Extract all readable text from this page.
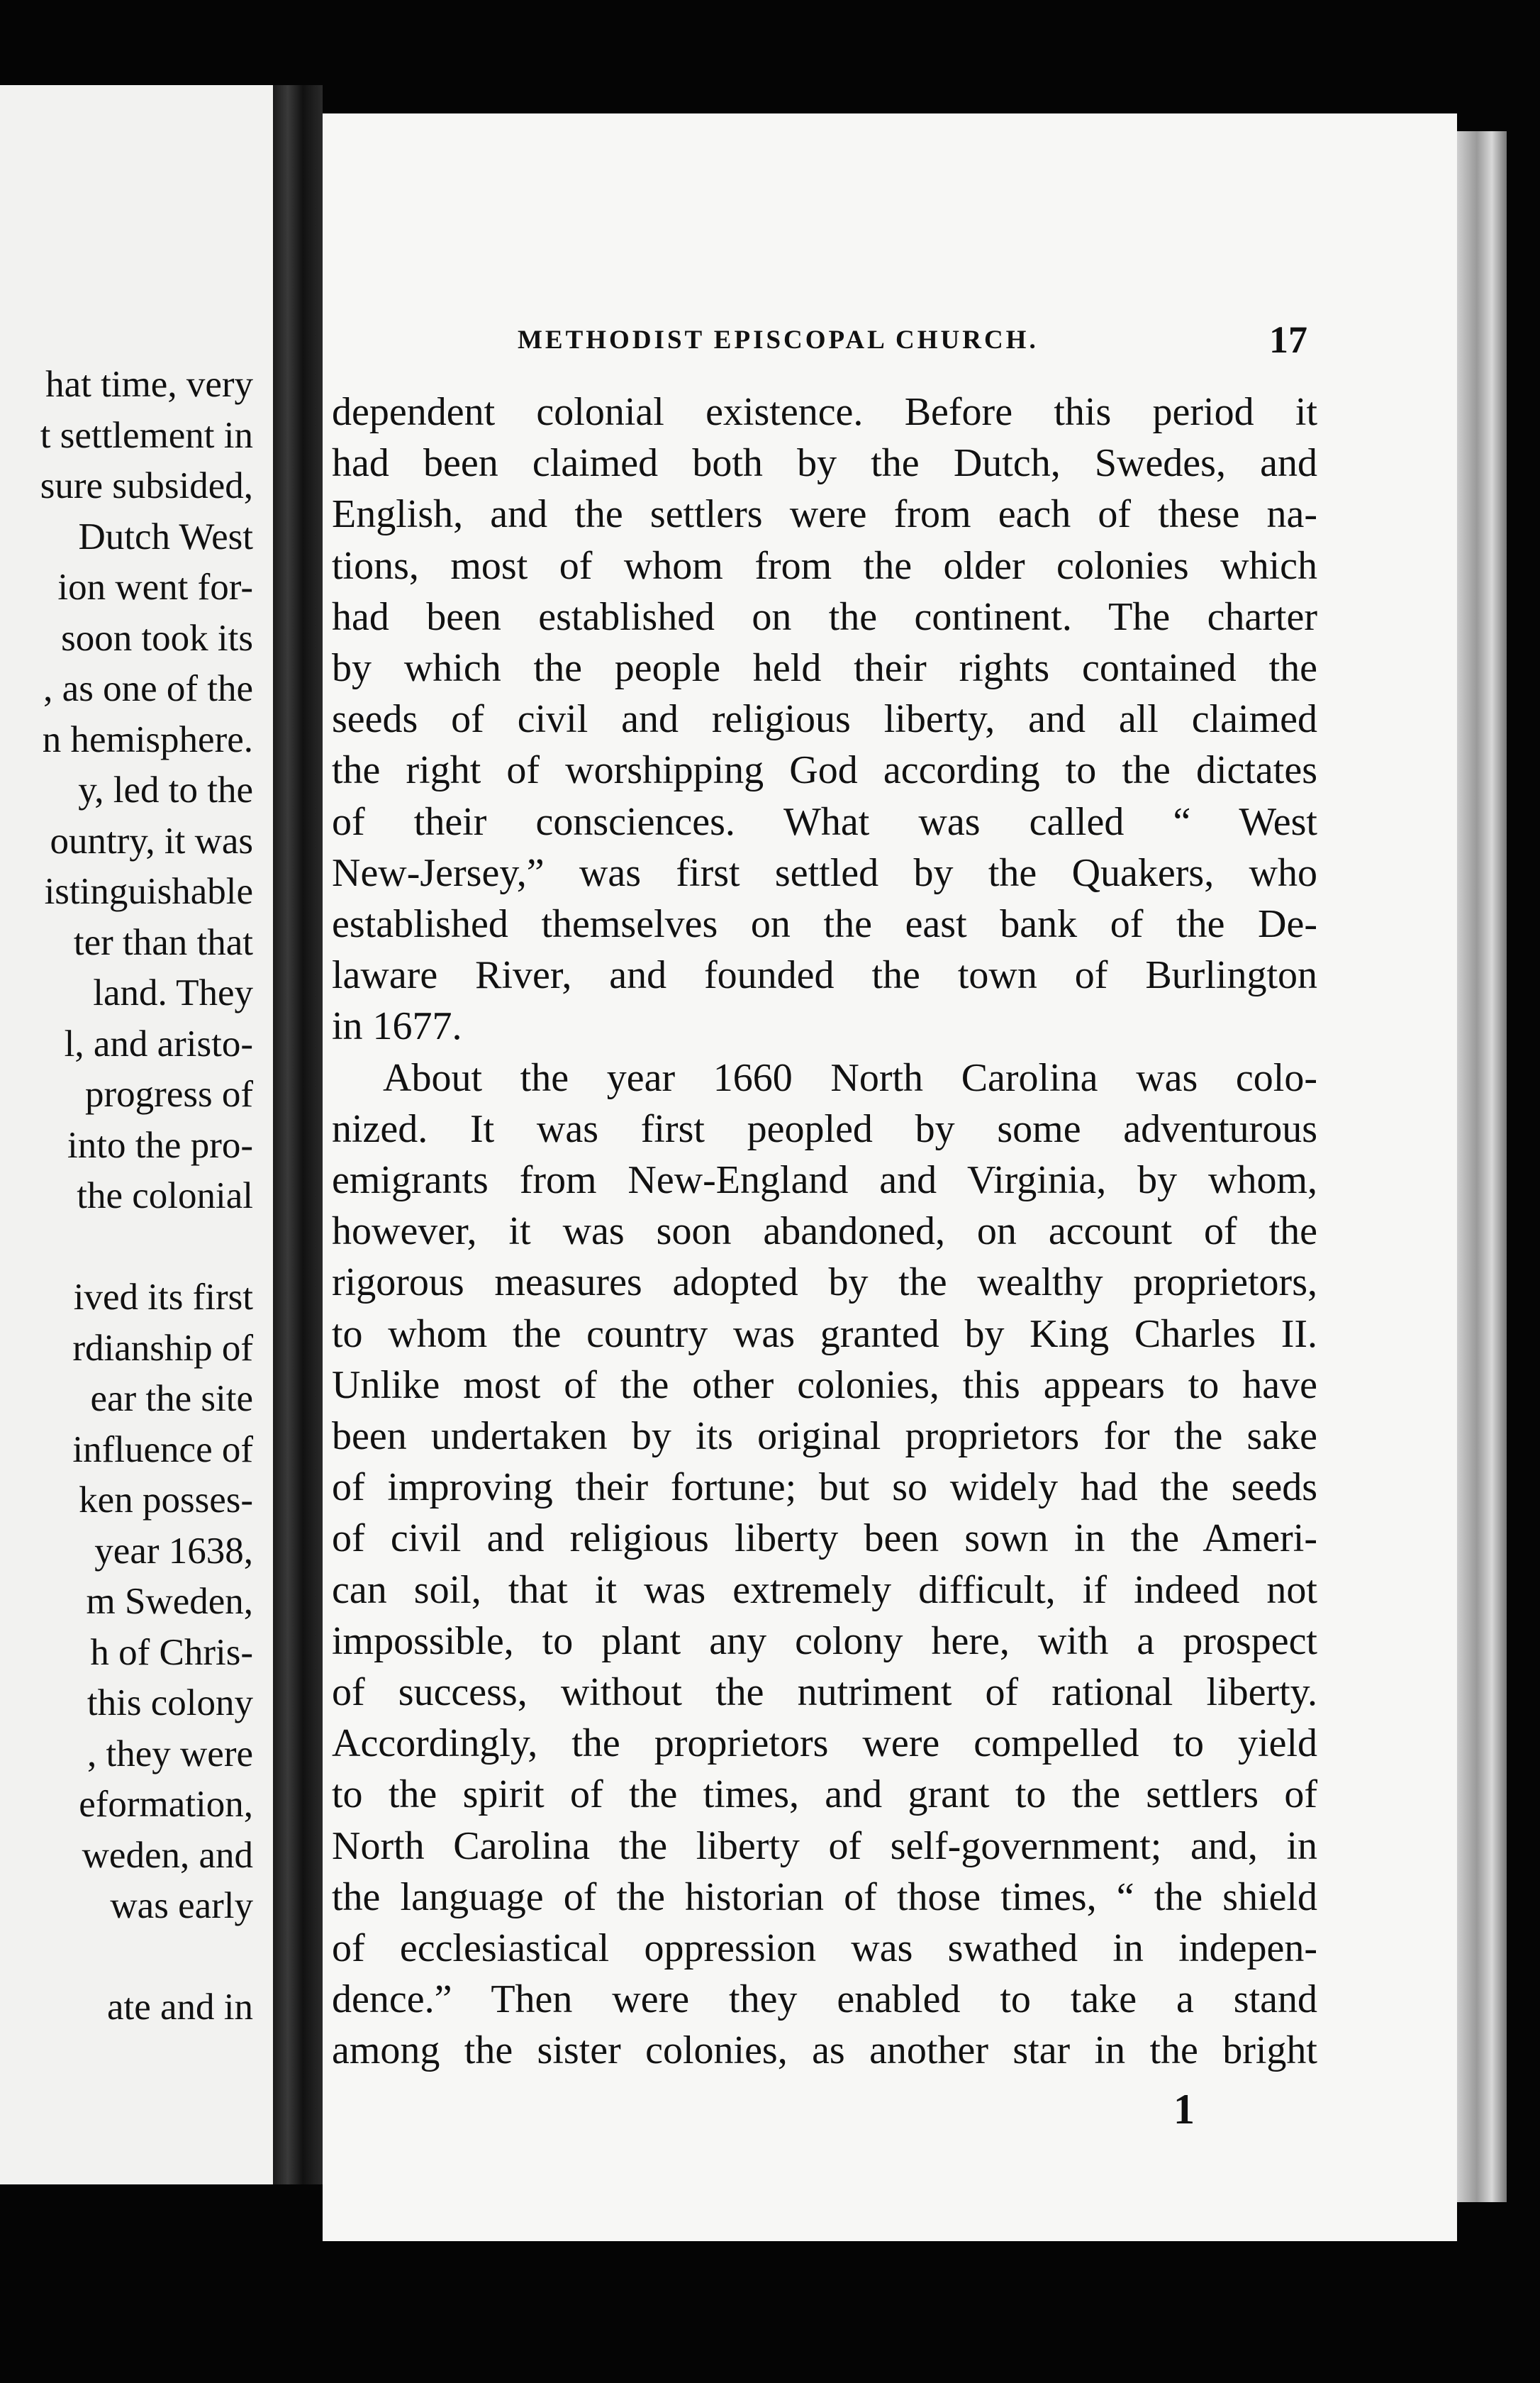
hat time, very
t settlement in
sure subsided,
Dutch West
ion went for-
soon took its
, as one of the
n hemisphere.
y, led to the
ountry, it was
istinguishable
ter than that
land. They
l, and aristo-
progress of
into the pro-
the colonial
ived its first
rdianship of
ear the site
influence of
ken posses-
year 1638,
m Sweden,
h of Chris-
this colony
, they were
eformation,
weden, and
was early
ate and in
METHODIST EPISCOPAL CHURCH.	17
dependent colonial existence. Before this period it
had been claimed both by the Dutch, Swedes, and
English, and the settlers were from each of these na-
tions, most of whom from the older colonies which
had been established on the continent. The charter
by which the people held their rights contained the
seeds of civil and religious liberty, and all claimed
the right of worshipping God according to the dictates
of their consciences. What was called “ West
New-Jersey,” was first settled by the Quakers, who
established themselves on the east bank of the De-
laware River, and founded the town of Burlington
in 1677.
About the year 1660 North Carolina was colo-
nized. It was first peopled by some adventurous
emigrants from New-England and Virginia, by whom,
however, it was soon abandoned, on account of the
rigorous measures adopted by the wealthy proprietors,
to whom the country was granted by King Charles II.
Unlike most of the other colonies, this appears to have
been undertaken by its original proprietors for the sake
of improving their fortune; but so widely had the seeds
of civil and religious liberty been sown in the Ameri-
can soil, that it was extremely difficult, if indeed not
impossible, to plant any colony here, with a prospect
of success, without the nutriment of rational liberty.
Accordingly, the proprietors were compelled to yield
to the spirit of the times, and grant to the settlers of
North Carolina the liberty of self-government; and, in
the language of the historian of those times, “ the shield
of ecclesiastical oppression was swathed in indepen-
dence.” Then were they enabled to take a stand
among the sister colonies, as another star in the bright
1
